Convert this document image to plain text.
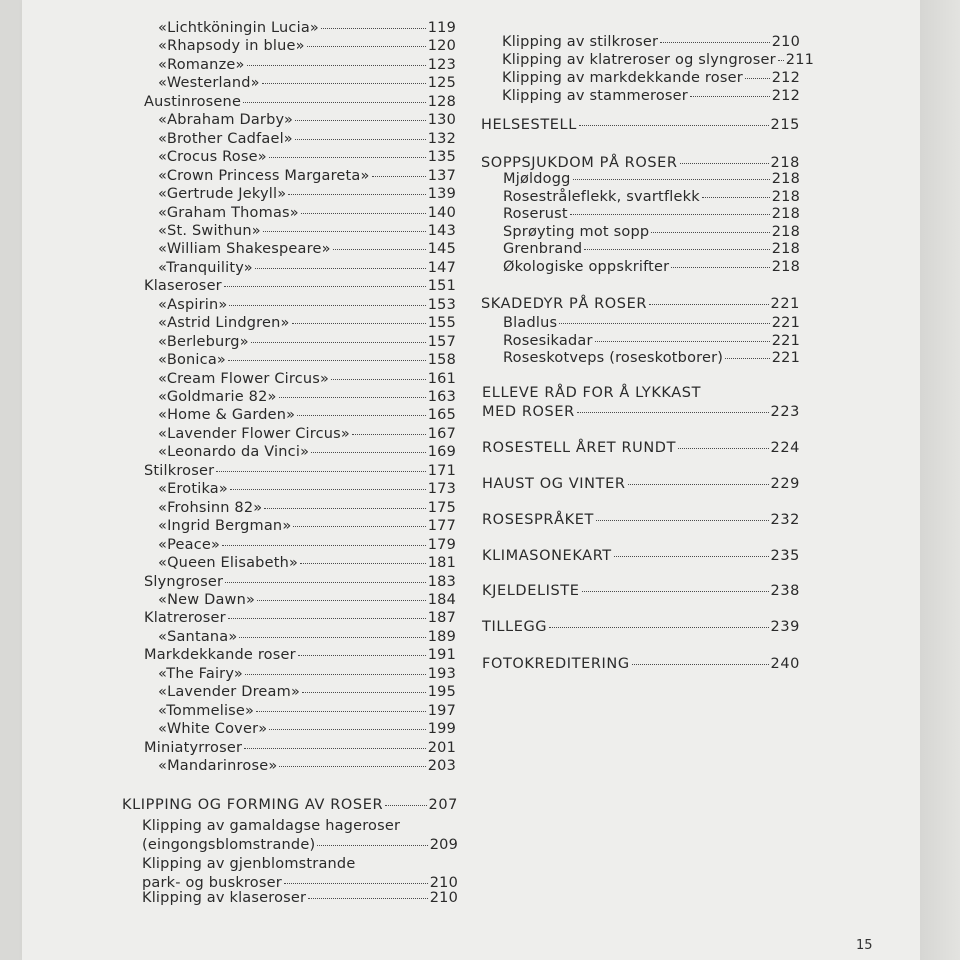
«Lichtköningin Lucia»	119
«Rhapsody in blue»	120
«Romanze»	123
«Westerland»	125
Austinrosene	128
«Abraham Darby»	130
«Brother Cadfael»	132
«Crocus Rose»	135
«Crown Princess Margareta»	137
«Gertrude Jekyll»	139
«Graham Thomas»	140
«St. Swithun»	143
«William Shakespeare»	145
«Tranquility»	147
Klaseroser	151
«Aspirin»	153
«Astrid Lindgren»	155
«Berleburg»	157
«Bonica»	158
«Cream Flower Circus»	161
«Goldmarie 82»	163
«Home & Garden»	165
«Lavender Flower Circus»	167
«Leonardo da Vinci»	169
Stilkroser	171
«Erotika»	173
«Frohsinn 82»	175
«Ingrid Bergman»	177
«Peace»	179
«Queen Elisabeth»	181
Slyngroser	183
«New Dawn»	184
Klatreroser	187
«Santana»	189
Markdekkande roser	191
«The Fairy»	193
«Lavender Dream»	195
«Tommelise»	197
«White Cover»	199
Miniatyrroser	201
«Mandarinrose»	203
KLIPPING OG FORMING AV ROSER	207
Klipping av gamaldagse hageroser
(eingongsblomstrande)	209
Klipping av gjenblomstrande
park- og buskroser	210
Klipping av klaseroser	210
Klipping av stilkroser	210
Klipping av klatreroser og slyngroser 211
Klipping av markdekkande roser 212
Klipping av stammeroser	212
HELSESTELL	215
SOPPSJUKDOM PÅ ROSER	218
Mjøldogg	218
Rosestråleflekk, svartflekk	218
Roserust	218
Sprøyting mot sopp	218
Grenbrand	218
Økologiske oppskrifter	218
SKADEDYR PÅ ROSER	221
Bladlus	221
Rosesikadar	221
Roseskotveps (roseskotborer)	221
ELLEVE RÅD FOR Å LYKKAST
MED ROSER	223
ROSESTELL ÅRET RUNDT	224
HAUST OG VINTER	229
ROSESPRÅKET	232
KLIMASONEKART	235
KJELDELISTE	238
TILLEGG	239
FOTOKREDITERING	240
15
